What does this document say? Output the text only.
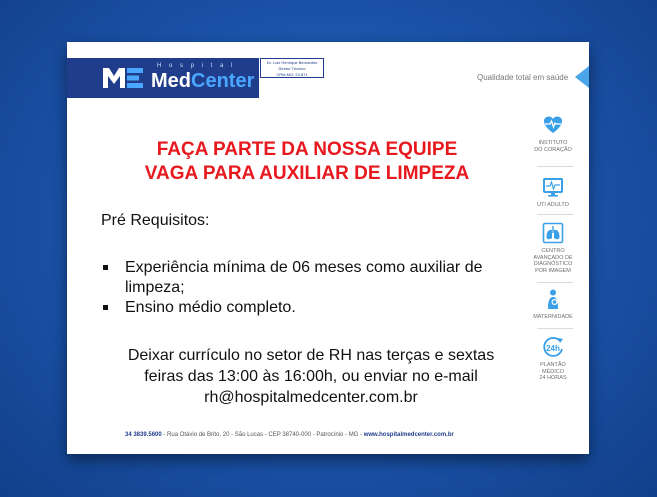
H o s p i t a l
MedCenter
Dr. Luiz Henrique Bernardes
Diretor Técnico
CRM-MG: 24.871	Qualidade total em saúde
FAÇA PARTE DA NOSSA EQUIPE
VAGA PARA AUXILIAR DE LIMPEZA
Pré Requisitos:
Experiência mínima de 06 meses como auxiliar de limpeza;
Ensino médio completo.
Deixar currículo no setor de RH nas terças e sextas
feiras das 13:00 às 16:00h, ou enviar no e-mail
rh@hospitalmedcenter.com.br
34 3839.5600 - Rua Otávio de Brito, 20 - São Lucas - CEP 38740-000 - Patrocínio - MG - www.hospitalmedcenter.com.br
INSTITUTO
DO CORAÇÃO
UTI ADULTO
CENTRO
AVANÇADO DE
DIAGNÓSTICO
POR IMAGEM
MATERNIDADE
24h
PLANTÃO
MÉDICO
24 HORAS
